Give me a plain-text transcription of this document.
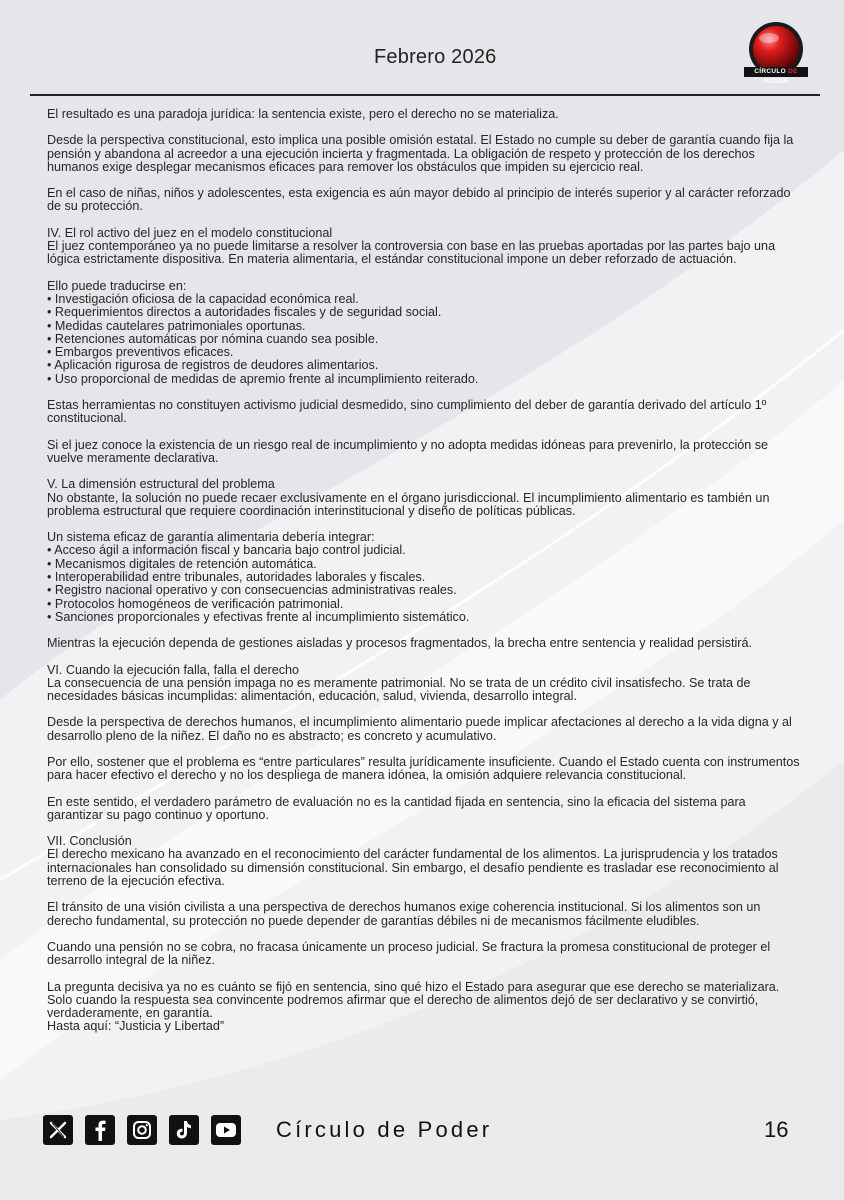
Febrero 2026
CÍRCULO DE PODER

El resultado es una paradoja jurídica: la sentencia existe, pero el derecho no se materializa.

Desde la perspectiva constitucional, esto implica una posible omisión estatal. El Estado no cumple su deber de garantía cuando fija la pensión y abandona al acreedor a una ejecución incierta y fragmentada. La obligación de respeto y protección de los derechos humanos exige desplegar mecanismos eficaces para remover los obstáculos que impiden su ejercicio real.

En el caso de niñas, niños y adolescentes, esta exigencia es aún mayor debido al principio de interés superior y al carácter reforzado de su protección.

IV. El rol activo del juez en el modelo constitucional

El juez contemporáneo ya no puede limitarse a resolver la controversia con base en las pruebas aportadas por las partes bajo una lógica estrictamente dispositiva. En materia alimentaria, el estándar constitucional impone un deber reforzado de actuación.

Ello puede traducirse en:
• Investigación oficiosa de la capacidad económica real.
• Requerimientos directos a autoridades fiscales y de seguridad social.
• Medidas cautelares patrimoniales oportunas.
• Retenciones automáticas por nómina cuando sea posible.
• Embargos preventivos eficaces.
• Aplicación rigurosa de registros de deudores alimentarios.
• Uso proporcional de medidas de apremio frente al incumplimiento reiterado.

Estas herramientas no constituyen activismo judicial desmedido, sino cumplimiento del deber de garantía derivado del artículo 1º constitucional.

Si el juez conoce la existencia de un riesgo real de incumplimiento y no adopta medidas idóneas para prevenirlo, la protección se vuelve meramente declarativa.

V. La dimensión estructural del problema

No obstante, la solución no puede recaer exclusivamente en el órgano jurisdiccional. El incumplimiento alimentario es también un problema estructural que requiere coordinación interinstitucional y diseño de políticas públicas.

Un sistema eficaz de garantía alimentaria debería integrar:
• Acceso ágil a información fiscal y bancaria bajo control judicial.
• Mecanismos digitales de retención automática.
• Interoperabilidad entre tribunales, autoridades laborales y fiscales.
• Registro nacional operativo y con consecuencias administrativas reales.
• Protocolos homogéneos de verificación patrimonial.
• Sanciones proporcionales y efectivas frente al incumplimiento sistemático.

Mientras la ejecución dependa de gestiones aisladas y procesos fragmentados, la brecha entre sentencia y realidad persistirá.

VI. Cuando la ejecución falla, falla el derecho

La consecuencia de una pensión impaga no es meramente patrimonial. No se trata de un crédito civil insatisfecho. Se trata de necesidades básicas incumplidas: alimentación, educación, salud, vivienda, desarrollo integral.

Desde la perspectiva de derechos humanos, el incumplimiento alimentario puede implicar afectaciones al derecho a la vida digna y al desarrollo pleno de la niñez. El daño no es abstracto; es concreto y acumulativo.

Por ello, sostener que el problema es “entre particulares” resulta jurídicamente insuficiente. Cuando el Estado cuenta con instrumentos para hacer efectivo el derecho y no los despliega de manera idónea, la omisión adquiere relevancia constitucional.

En este sentido, el verdadero parámetro de evaluación no es la cantidad fijada en sentencia, sino la eficacia del sistema para garantizar su pago continuo y oportuno.

VII. Conclusión

El derecho mexicano ha avanzado en el reconocimiento del carácter fundamental de los alimentos. La jurisprudencia y los tratados internacionales han consolidado su dimensión constitucional. Sin embargo, el desafío pendiente es trasladar ese reconocimiento al terreno de la ejecución efectiva.

El tránsito de una visión civilista a una perspectiva de derechos humanos exige coherencia institucional. Si los alimentos son un derecho fundamental, su protección no puede depender de garantías débiles ni de mecanismos fácilmente eludibles.

Cuando una pensión no se cobra, no fracasa únicamente un proceso judicial. Se fractura la promesa constitucional de proteger el desarrollo integral de la niñez.

La pregunta decisiva ya no es cuánto se fijó en sentencia, sino qué hizo el Estado para asegurar que ese derecho se materializara. Solo cuando la respuesta sea convincente podremos afirmar que el derecho de alimentos dejó de ser declarativo y se convirtió, verdaderamente, en garantía.

Hasta aquí: “Justicia y Libertad”
Círculo de Poder	16
